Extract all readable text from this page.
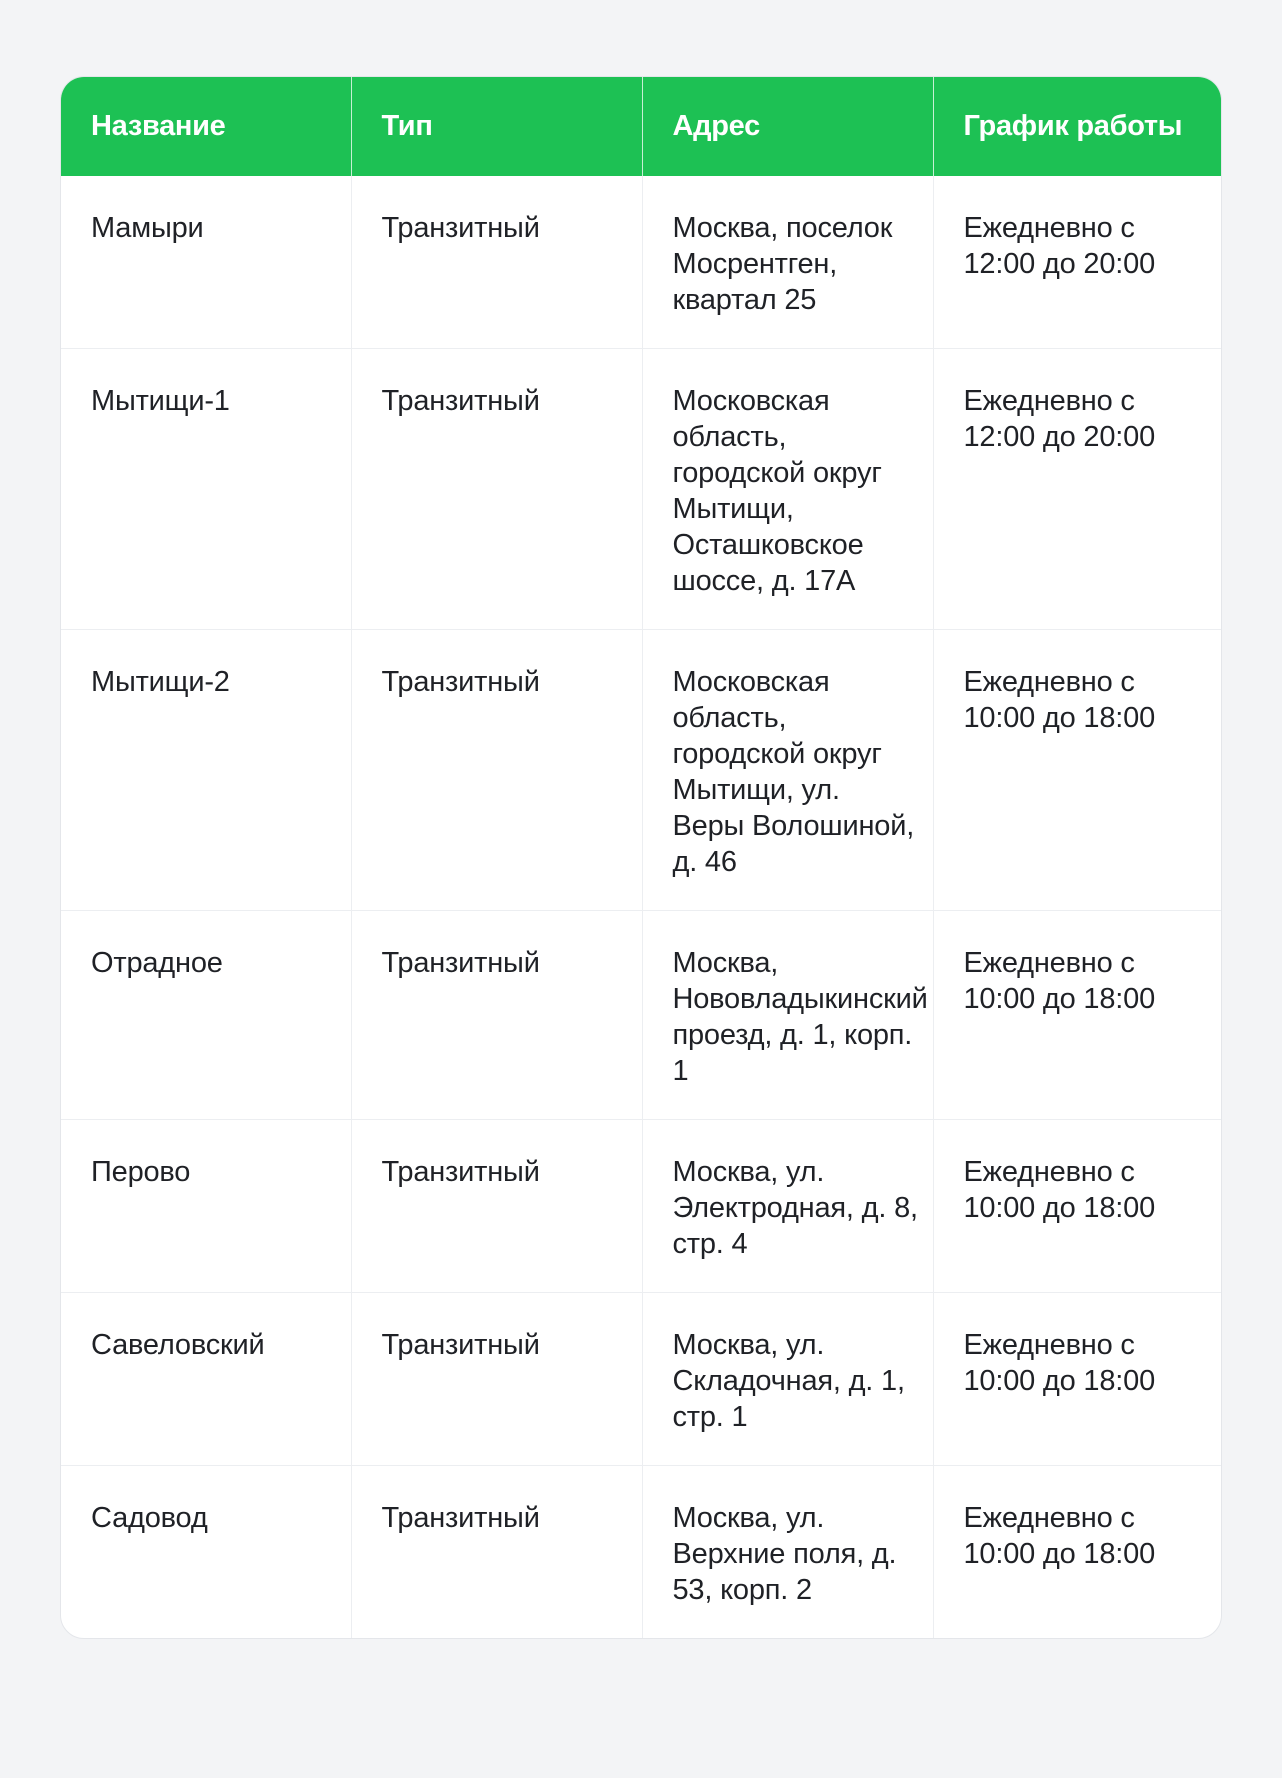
Название	Тип	Адрес	График работы
Мамыри	Транзитный	Москва, поселок Мосрентген, квартал 25	Ежедневно с 12:00 до 20:00
Мытищи-1	Транзитный	Московская область, городской округ Мытищи, Осташковское шоссе, д. 17А	Ежедневно с 12:00 до 20:00
Мытищи-2	Транзитный	Московская область, городской округ Мытищи, ул. Веры Волошиной, д. 46	Ежедневно с 10:00 до 18:00
Отрадное	Транзитный	Москва, Нововладыкинский проезд, д. 1, корп. 1	Ежедневно с 10:00 до 18:00
Перово	Транзитный	Москва, ул. Электродная, д. 8, стр. 4	Ежедневно с 10:00 до 18:00
Савеловский	Транзитный	Москва, ул. Складочная, д. 1, стр. 1	Ежедневно с 10:00 до 18:00
Садовод	Транзитный	Москва, ул. Верхние поля, д. 53, корп. 2	Ежедневно с 10:00 до 18:00
